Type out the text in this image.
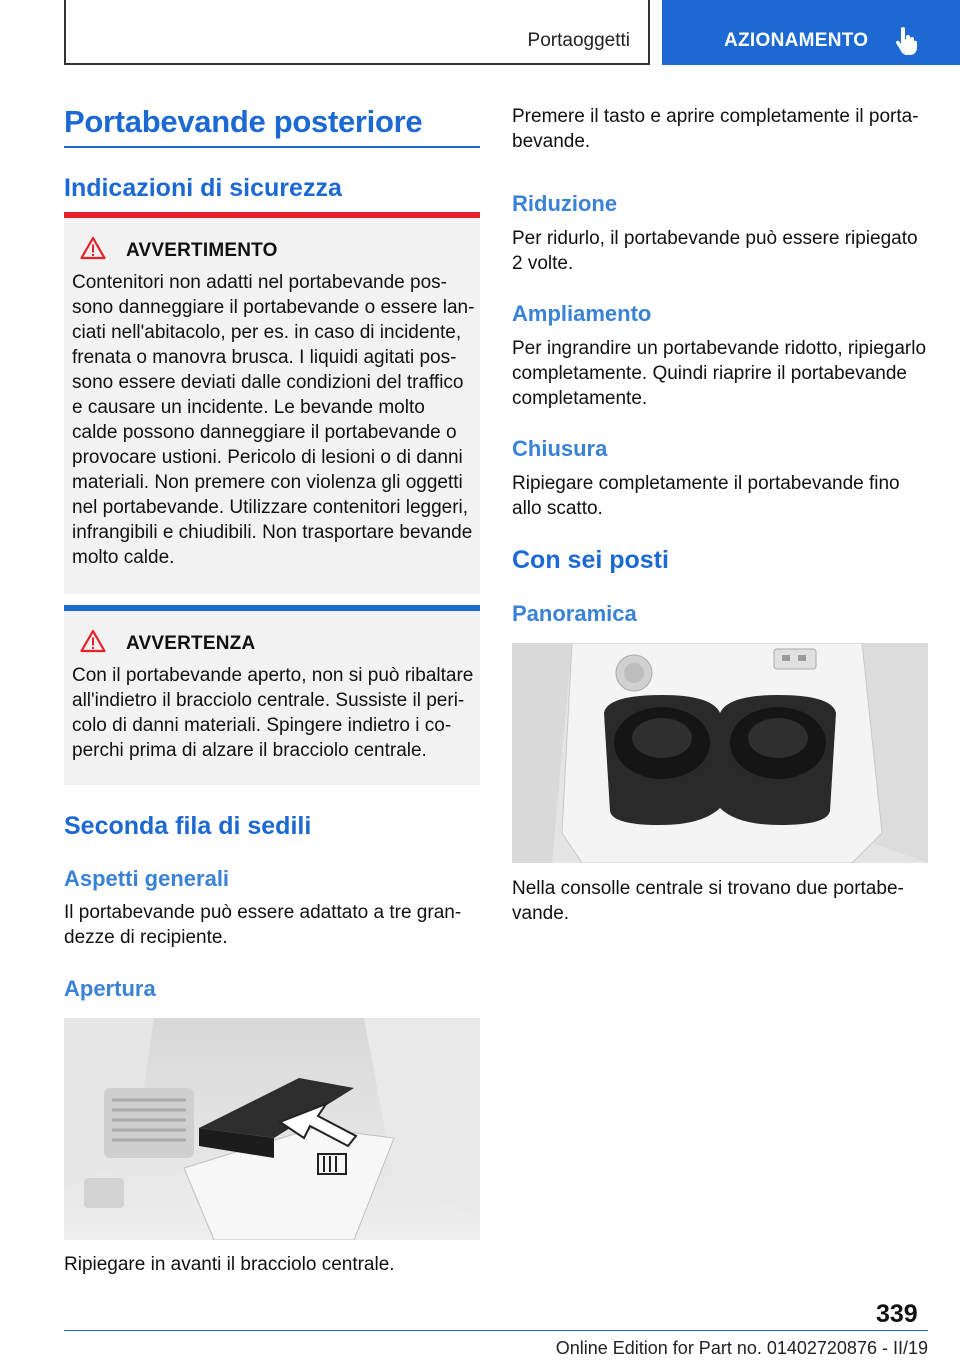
Portaoggetti	AZIONAMENTO
Portabevande posteriore
Indicazioni di sicurezza
AVVERTIMENTO
Contenitori non adatti nel portabevande pos-
sono danneggiare il portabevande o essere lan-
ciati nell'abitacolo, per es. in caso di incidente,
frenata o manovra brusca. I liquidi agitati pos-
sono essere deviati dalle condizioni del traffico
e causare un incidente. Le bevande molto
calde possono danneggiare il portabevande o
provocare ustioni. Pericolo di lesioni o di danni
materiali. Non premere con violenza gli oggetti
nel portabevande. Utilizzare contenitori leggeri,
infrangibili e chiudibili. Non trasportare bevande
molto calde.
AVVERTENZA
Con il portabevande aperto, non si può ribaltare
all'indietro il bracciolo centrale. Sussiste il peri-
colo di danni materiali. Spingere indietro i co-
perchi prima di alzare il bracciolo centrale.
Seconda fila di sedili
Aspetti generali

Il portabevande può essere adattato a tre gran-
dezze di recipiente.

Apertura

Ripiegare in avanti il bracciolo centrale.

Premere il tasto e aprire completamente il porta-
bevande.

Riduzione

Per ridurlo, il portabevande può essere ripiegato
2 volte.

Ampliamento

Per ingrandire un portabevande ridotto, ripiegarlo
completamente. Quindi riaprire il portabevande
completamente.

Chiusura

Ripiegare completamente il portabevande fino
allo scatto.

Con sei posti
Panoramica

Nella consolle centrale si trovano due portabe-
vande.

339
Online Edition for Part no. 01402720876 - II/19
